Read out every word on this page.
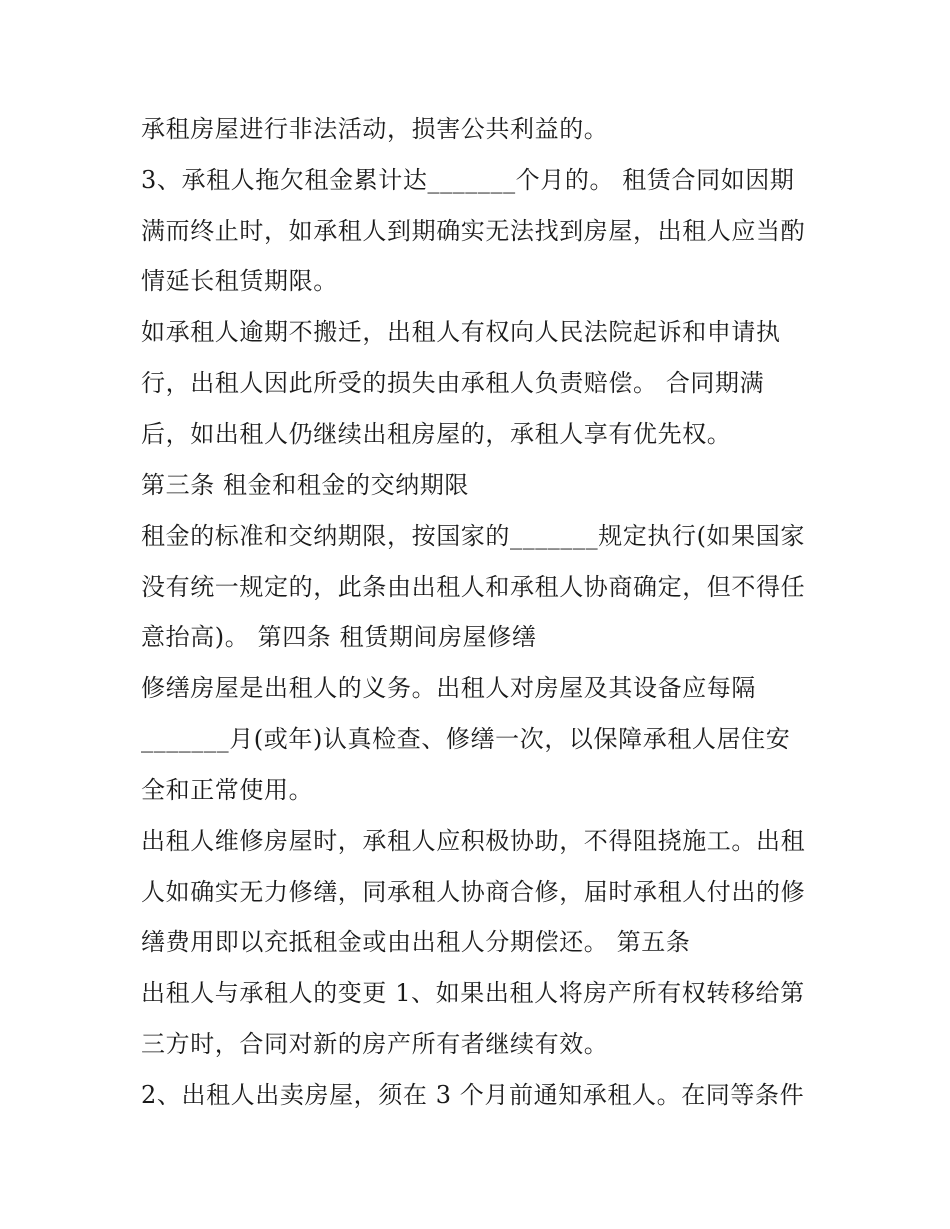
承租房屋进行非法活动，损害公共利益的。
3、承租人拖欠租金累计达_______个月的。 租赁合同如因期
满而终止时，如承租人到期确实无法找到房屋，出租人应当酌
情延长租赁期限。
如承租人逾期不搬迁，出租人有权向人民法院起诉和申请执
行，出租人因此所受的损失由承租人负责赔偿。 合同期满
后，如出租人仍继续出租房屋的，承租人享有优先权。
第三条 租金和租金的交纳期限
租金的标准和交纳期限，按国家的_______规定执行(如果国家
没有统一规定的，此条由出租人和承租人协商确定，但不得任
意抬高)。 第四条 租赁期间房屋修缮
修缮房屋是出租人的义务。出租人对房屋及其设备应每隔
_______月(或年)认真检查、修缮一次，以保障承租人居住安
全和正常使用。
出租人维修房屋时，承租人应积极协助，不得阻挠施工。出租
人如确实无力修缮，同承租人协商合修，届时承租人付出的修
缮费用即以充抵租金或由出租人分期偿还。 第五条
出租人与承租人的变更 1、如果出租人将房产所有权转移给第
三方时，合同对新的房产所有者继续有效。
2、出租人出卖房屋，须在 3 个月前通知承租人。在同等条件
